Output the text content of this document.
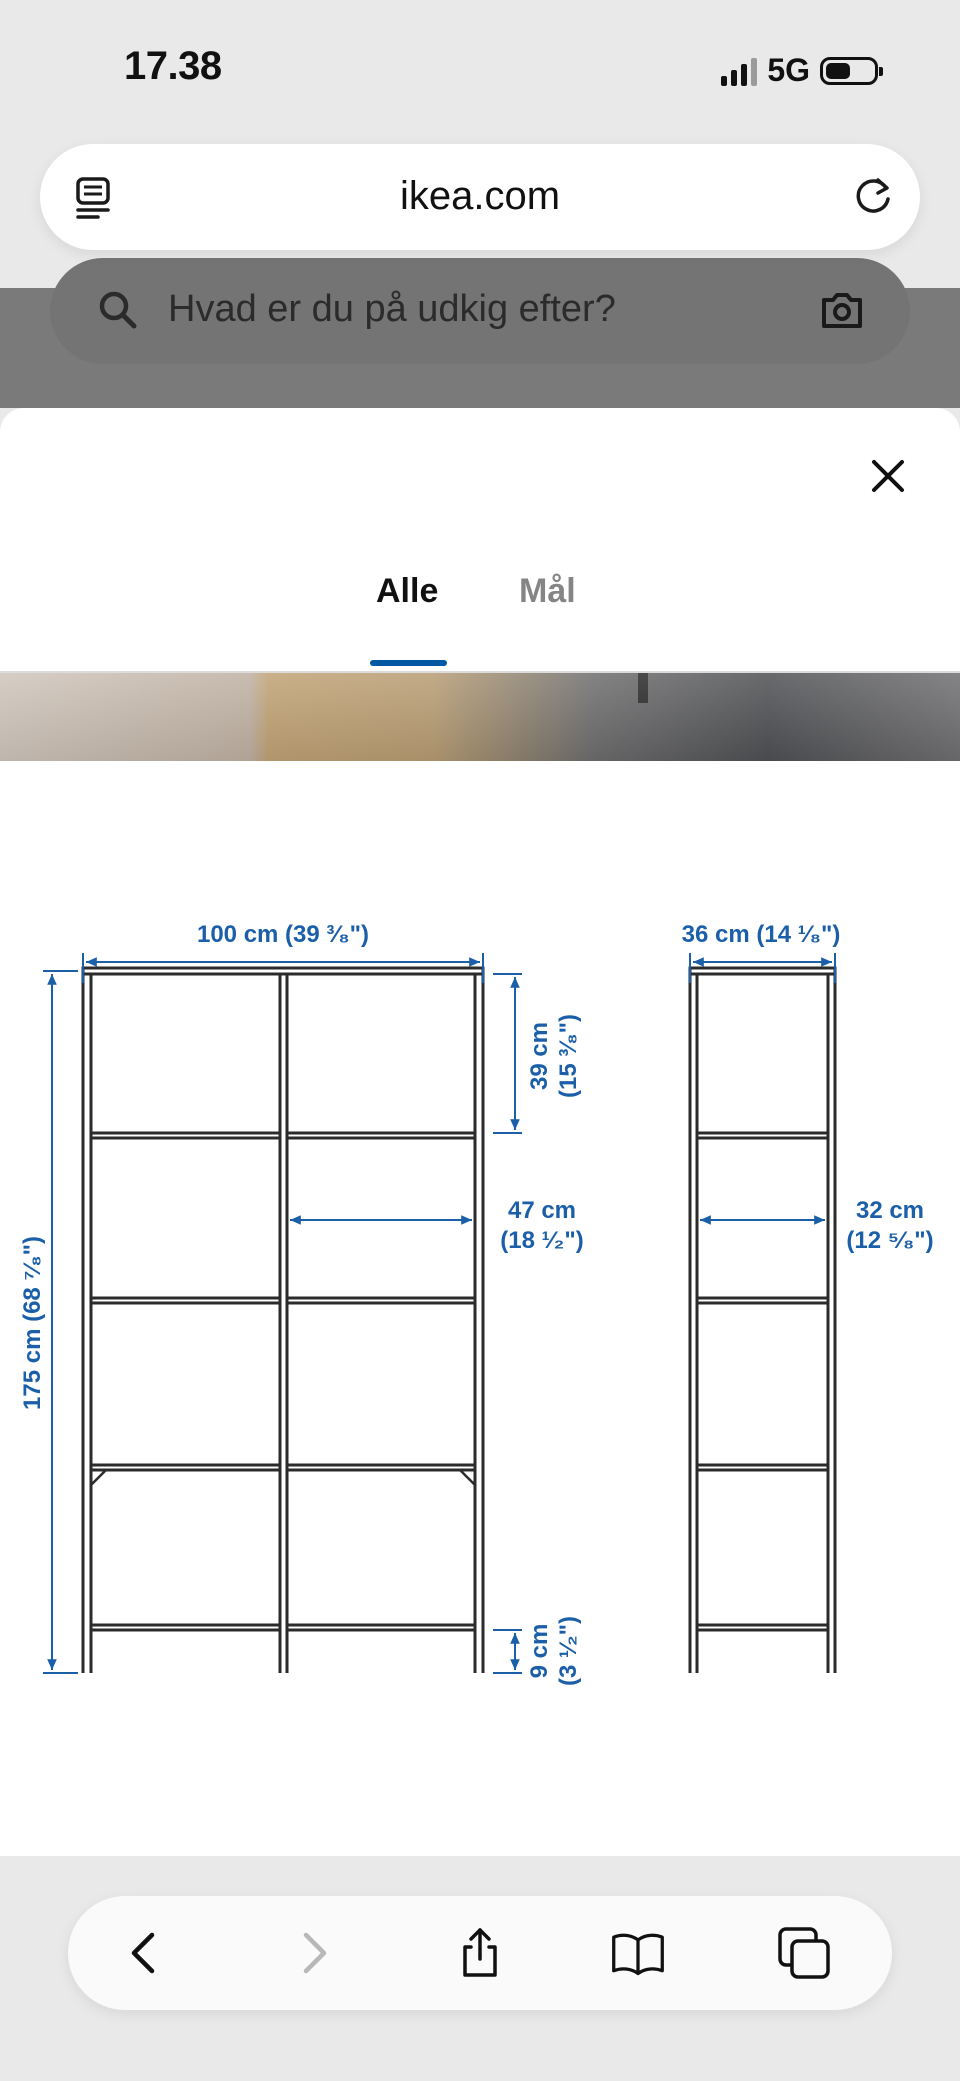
17.38	5G
Hvad er du på udkig efter?
ikea.com
Alle Mål
100 cm (39 ³⁄₈")	36 cm (14 ¹⁄₈")
175 cm (68 ⁷⁄₈")
39 cm (15 ³⁄₈")
47 cm
(18 ¹⁄₂")
32 cm
(12 ⁵⁄₈")
9 cm (3 ¹⁄₂")
